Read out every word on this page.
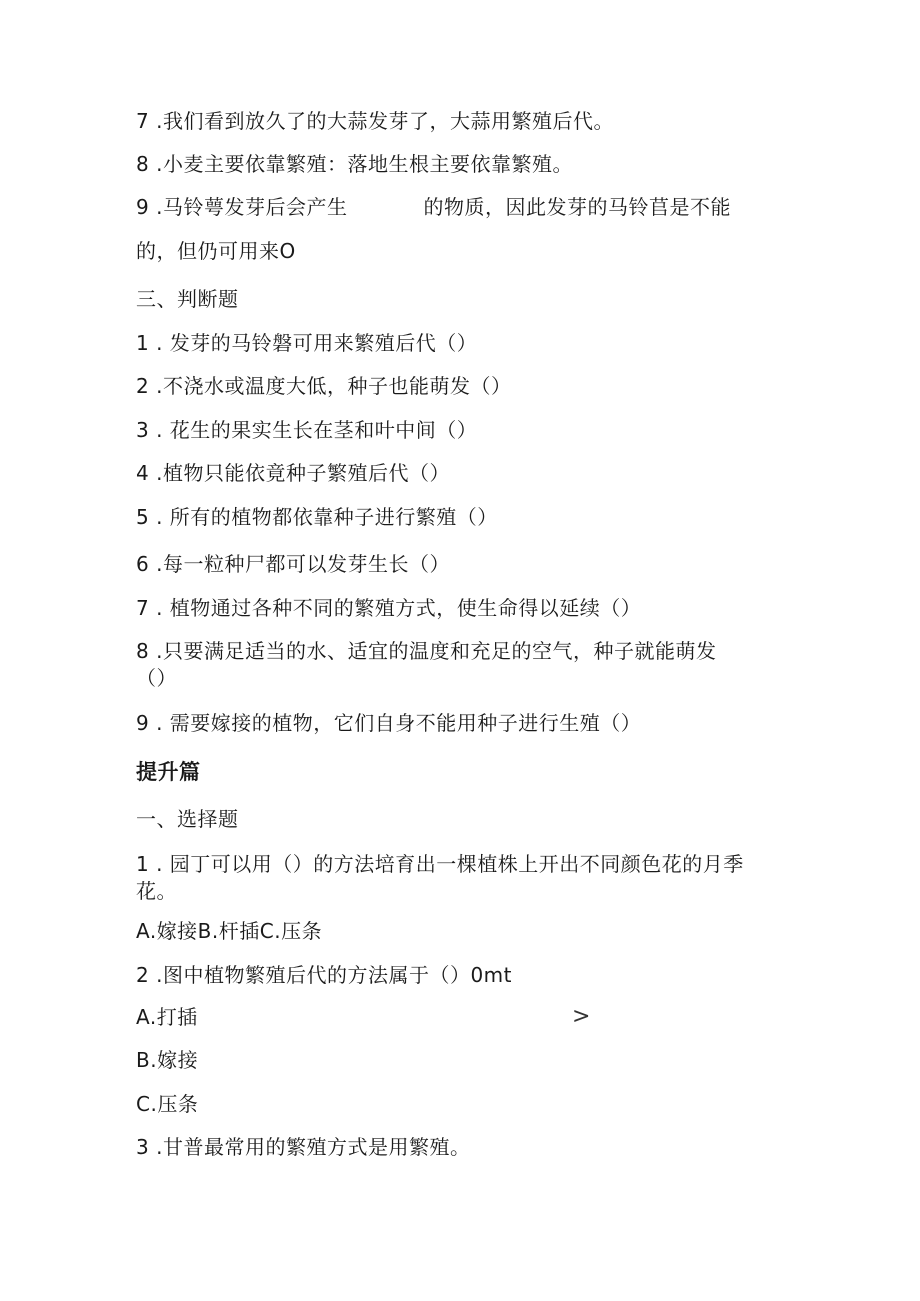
7 .我们看到放久了的大蒜发芽了，大蒜用繁殖后代。
8 .小麦主要依靠繁殖：落地生根主要依靠繁殖。
9 .马铃萼发芽后会产生	的物质，因此发芽的马铃苢是不能
的，但仍可用来O
三、判断题
1 . 发芽的马铃磐可用来繁殖后代（）
2 .不浇水或温度大低，种子也能萌发（）
3 . 花生的果实生长在茎和叶中间（）
4 .植物只能依竟种子繁殖后代（）
5 . 所有的植物都依靠种子进行繁殖（）
6 .每一粒种尸都可以发芽生长（）
7 . 植物通过各种不同的繁殖方式，使生命得以延续（）
8 .只要满足适当的水、适宜的温度和充足的空气，种子就能萌发
（）
9 . 需要嫁接的植物，它们自身不能用种子进行生殖（）
提升篇
一、选择题
1 . 园丁可以用（）的方法培育出一棵植株上开出不同颜色花的月季
花。
A.嫁接B.杆插C.压条
2 .图中植物繁殖后代的方法属于（）0mt
A.打插	>
B.嫁接
C.压条
3 .甘普最常用的繁殖方式是用繁殖。
